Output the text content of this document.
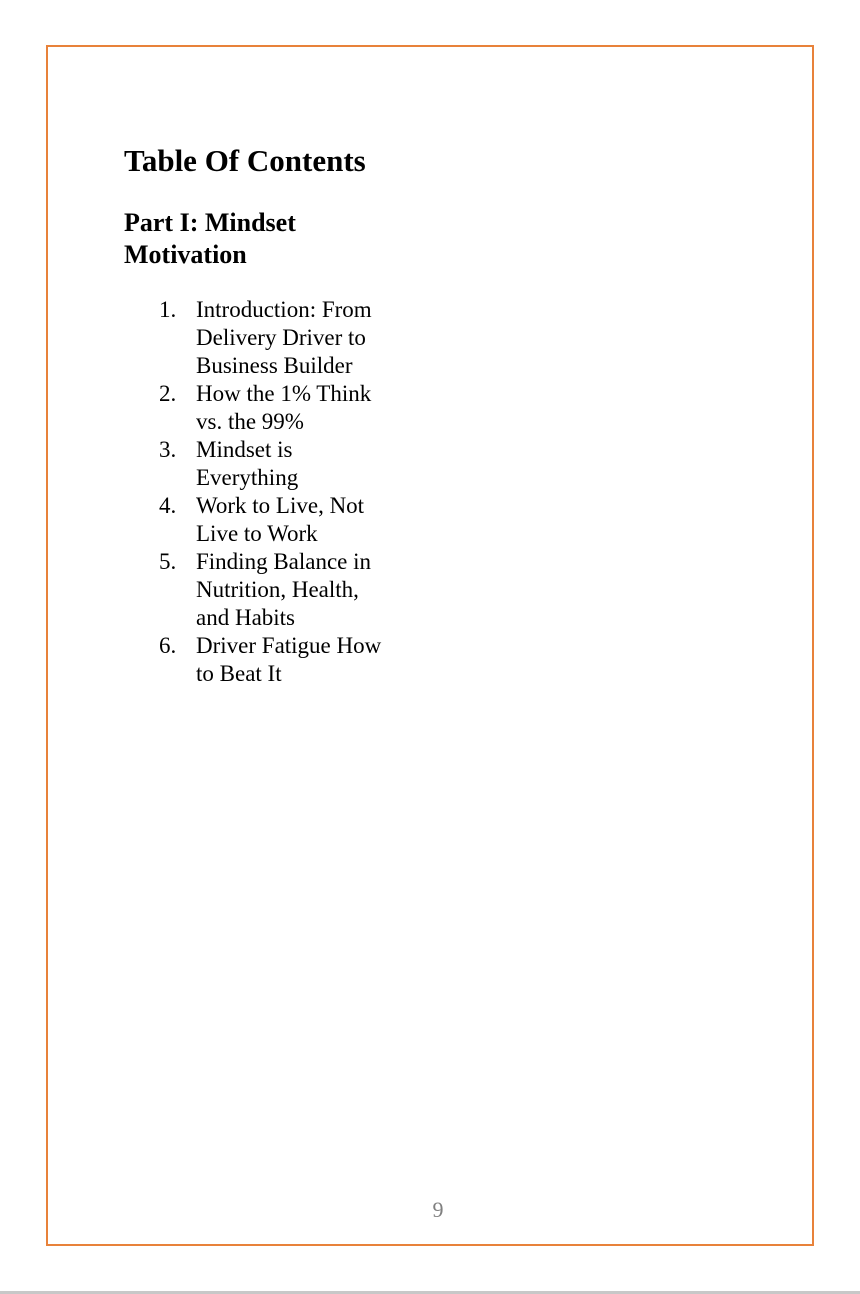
Table Of Contents
Part I: Mindset Motivation
1. Introduction: From Delivery Driver to Business Builder
2. How the 1% Think vs. the 99%
3. Mindset is Everything
4. Work to Live, Not Live to Work
5. Finding Balance in Nutrition, Health, and Habits
6. Driver Fatigue How to Beat It
9
